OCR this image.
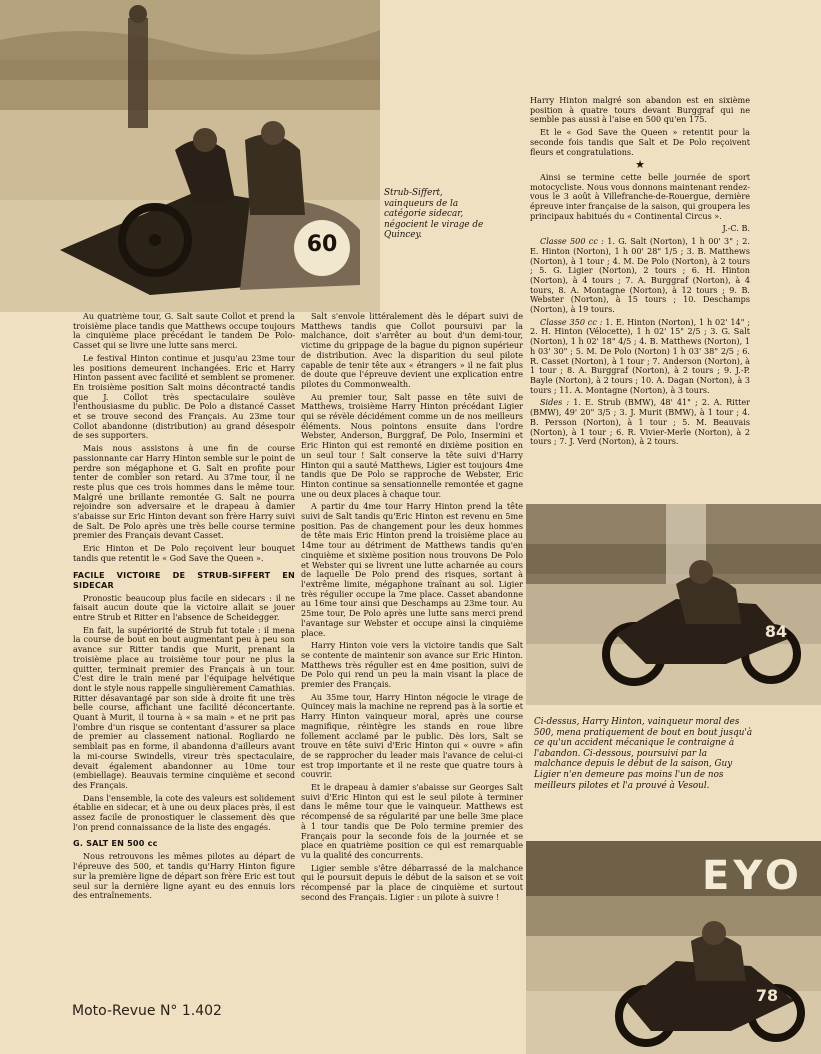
60
Strub-Siffert, vainqueurs de la catégorie sidecar, négocient le virage de Quincey.

Au quatrième tour, G. Salt saute Collot et prend la troisième place tandis que Matthews occupe toujours la cinquième place précédant le tandem De Polo-Casset qui se livre une lutte sans merci.

Le festival Hinton continue et jusqu'au 23me tour les positions demeurent inchangées. Eric et Harry Hinton passent avec facilité et semblent se promener. En troisième position Salt moins décontracté tandis que J. Collot très spectaculaire soulève l'enthousiasme du public. De Polo a distancé Casset et se trouve second des Français. Au 23me tour Collot abandonne (distribution) au grand désespoir de ses supporters.

Mais nous assistons à une fin de course passionnante car Harry Hinton semble sur le point de perdre son mégaphone et G. Salt en profite pour tenter de combler son retard. Au 37me tour, il ne reste plus que ces trois hommes dans le même tour. Malgré une brillante remontée G. Salt ne pourra rejoindre son adversaire et le drapeau à damier s'abaisse sur Eric Hinton devant son frère Harry suivi de Salt. De Polo après une très belle course termine premier des Français devant Casset.

Eric Hinton et De Polo reçoivent leur bouquet tandis que retentit le « God Save the Queen ».

FACILE VICTOIRE DE STRUB-SIFFERT EN SIDECAR

Pronostic beaucoup plus facile en sidecars : il ne faisait aucun doute que la victoire allait se jouer entre Strub et Ritter en l'absence de Scheidegger.

En fait, la supériorité de Strub fut totale : il mena la course de bout en bout augmentant peu à peu son avance sur Ritter tandis que Murit, prenant la troisième place au troisième tour pour ne plus la quitter, terminait premier des Français à un tour. C'est dire le train mené par l'équipage helvétique dont le style nous rappelle singulièrement Camathias. Ritter désavantagé par son side à droite fit une très belle course, affichant une facilité déconcertante. Quant à Murit, il tourna à « sa main » et ne prit pas l'ombre d'un risque se contentant d'assurer sa place de premier au classement national. Rogliardo ne semblait pas en forme, il abandonna d'ailleurs avant la mi-course Swindells, vireur très spectaculaire, devait également abandonner au 10me tour (embiellage). Beauvais termine cinquième et second des Français.

Dans l'ensemble, la cote des valeurs est solidement établie en sidecar, et à une ou deux places près, il est assez facile de pronostiquer le classement dès que l'on prend connaissance de la liste des engagés.

G. SALT EN 500 cc

Nous retrouvons les mêmes pilotes au départ de l'épreuve des 500, et tandis qu'Harry Hinton figure sur la première ligne de départ son frère Eric est tout seul sur la dernière ligne ayant eu des ennuis lors des entraînements.

Salt s'envole littéralement dès le départ suivi de Matthews tandis que Collot poursuivi par la malchance, doit s'arrêter au bout d'un demi-tour, victime du grippage de la bague du pignon supérieur de distribution. Avec la disparition du seul pilote capable de tenir tête aux « étrangers » il ne fait plus de doute que l'épreuve devient une explication entre pilotes du Commonwealth.

Au premier tour, Salt passe en tête suivi de Matthews, troisième Harry Hinton précédant Ligier qui se révèle décidément comme un de nos meilleurs éléments. Nous pointons ensuite dans l'ordre Webster, Anderson, Burggraf, De Polo, Insermini et Eric Hinton qui est remonté en dixième position en un seul tour ! Salt conserve la tête suivi d'Harry Hinton qui a sauté Matthews, Ligier est toujours 4me tandis que De Polo se rapproche de Webster, Eric Hinton continue sa sensationnelle remontée et gagne une ou deux places à chaque tour.

A partir du 4me tour Harry Hinton prend la tête suivi de Salt tandis qu'Eric Hinton est revenu en 5me position. Pas de changement pour les deux hommes de tête mais Eric Hinton prend la troisième place au 14me tour au détriment de Matthews tandis qu'en cinquième et sixième position nous trouvons De Polo et Webster qui se livrent une lutte acharnée au cours de laquelle De Polo prend des risques, sortant à l'extrême limite, mégaphone traînant au sol. Ligier très régulier occupe la 7me place. Casset abandonne au 16me tour ainsi que Deschamps au 23me tour. Au 25me tour, De Polo après une lutte sans merci prend l'avantage sur Webster et occupe ainsi la cinquième place.

Harry Hinton voie vers la victoire tandis que Salt se contente de maintenir son avance sur Eric Hinton. Matthews très régulier est en 4me position, suivi de De Polo qui rend un peu la main visant la place de premier des Français.

Au 35me tour, Harry Hinton négocie le virage de Quincey mais la machine ne reprend pas à la sortie et Harry Hinton vainqueur moral, après une course magnifique, réintègre les stands en roue libre follement acclamé par le public. Dès lors, Salt se trouve en tête suivi d'Eric Hinton qui « ouvre » afin de se rapprocher du leader mais l'avance de celui-ci est trop importante et il ne reste que quatre tours à couvrir.

Et le drapeau à damier s'abaisse sur Georges Salt suivi d'Eric Hinton qui est le seul pilote à terminer dans le même tour que le vainqueur. Matthews est récompensé de sa régularité par une belle 3me place à 1 tour tandis que De Polo termine premier des Français pour la seconde fois de la journée et se place en quatrième position ce qui est remarquable vu la qualité des concurrents.

Ligier semble s'être débarrassé de la malchance qui le poursuit depuis le début de la saison et se voit récompensé par la place de cinquième et surtout second des Français. Ligier : un pilote à suivre !

Harry Hinton malgré son abandon est en sixième position à quatre tours devant Burggraf qui ne semble pas aussi à l'aise en 500 qu'en 175.

Et le « God Save the Queen » retentit pour la seconde fois tandis que Salt et De Polo reçoivent fleurs et congratulations.

★

Ainsi se termine cette belle journée de sport motocycliste. Nous vous donnons maintenant rendez-vous le 3 août à Villefranche-de-Rouergue, dernière épreuve inter française de la saison, qui groupera les principaux habitués du « Continental Circus ».

J.-C. B.

Classe 500 cc : 1. G. Salt (Norton), 1 h 00' 3" ; 2. E. Hinton (Norton), 1 h 00' 28" 1/5 ; 3. B. Matthews (Norton), à 1 tour ; 4. M. De Polo (Norton), à 2 tours ; 5. G. Ligier (Norton), 2 tours ; 6. H. Hinton (Norton), à 4 tours ; 7. A. Burggraf (Norton), à 4 tours, 8. A. Montagne (Norton), à 12 tours ; 9. B. Webster (Norton), à 15 tours ; 10. Deschamps (Norton), à 19 tours.

Classe 350 cc : 1. E. Hinton (Norton), 1 h 02' 14" ; 2. H. Hinton (Vélocette), 1 h 02' 15" 2/5 ; 3. G. Salt (Norton), 1 h 02' 18" 4/5 ; 4. B. Matthews (Norton), 1 h 03' 30" ; 5. M. De Polo (Norton) 1 h 03' 38" 2/5 ; 6. R. Casset (Norton), à 1 tour ; 7. Anderson (Norton), à 1 tour ; 8. A. Burggraf (Norton), à 2 tours ; 9. J.-P. Bayle (Norton), à 2 tours ; 10. A. Dagan (Norton), à 3 tours ; 11. A. Montagne (Norton), à 3 tours.

Sides : 1. E. Strub (BMW), 48' 41" ; 2. A. Ritter (BMW), 49' 20" 3/5 ; 3. J. Murit (BMW), à 1 tour ; 4. B. Persson (Norton), à 1 tour ; 5. M. Beauvais (Norton), à 1 tour ; 6. R. Vivier-Merle (Norton), à 2 tours ; 7. J. Verd (Norton), à 2 tours.

84
Ci-dessus, Harry Hinton, vainqueur moral des 500, mena pratiquement de bout en bout jusqu'à ce qu'un accident mécanique le contraigne à l'abandon. Ci-dessous, poursuivi par la malchance depuis le début de la saison, Guy Ligier n'en demeure pas moins l'un de nos meilleurs pilotes et l'a prouvé à Vesoul.
EYO
78
Moto-Revue N° 1.402
